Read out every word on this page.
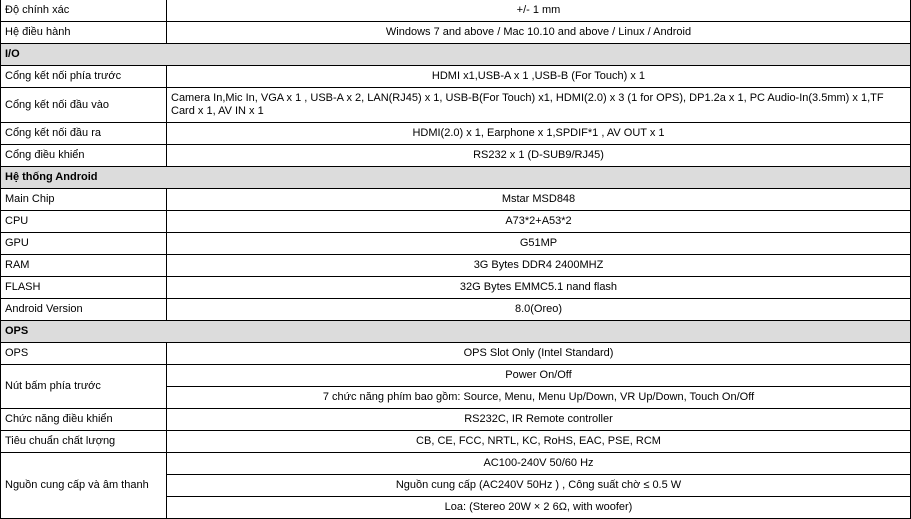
Độ chính xác	+/- 1 mm
Hệ điều hành	Windows 7 and above / Mac 10.10 and above / Linux / Android
I/O	
Cổng kết nối phía trước	HDMI x1,USB-A x 1 ,USB-B (For Touch) x 1
Cổng kết nối đầu vào	Camera In,Mic In, VGA x 1 , USB-A x 2, LAN(RJ45) x 1, USB-B(For Touch) x1, HDMI(2.0) x 3 (1 for OPS), DP1.2a x 1, PC Audio-In(3.5mm) x 1,TF Card x 1, AV IN x 1
Cổng kết nối đầu ra	HDMI(2.0) x 1, Earphone x 1,SPDIF*1 , AV OUT x 1
Cổng điều khiển	RS232 x 1 (D-SUB9/RJ45)
Hệ thống Android	
Main Chip	Mstar MSD848
CPU	A73*2+A53*2
GPU	G51MP
RAM	3G Bytes DDR4 2400MHZ
FLASH	32G Bytes EMMC5.1 nand flash
Android Version	8.0(Oreo)
OPS	
OPS	OPS Slot Only (Intel Standard)
Nút bấm phía trước	Power On/Off
	7 chức năng phím bao gồm: Source, Menu, Menu Up/Down, VR Up/Down, Touch On/Off
Chức năng điều khiển	RS232C, IR Remote controller
Tiêu chuẩn chất lượng	CB, CE, FCC, NRTL, KC, RoHS, EAC, PSE, RCM
Nguồn cung cấp và âm thanh	AC100-240V 50/60 Hz
	Nguồn cung cấp (AC240V 50Hz ) , Công suất chờ ≤ 0.5 W
	Loa: (Stereo 20W × 2 6Ω, with woofer)
